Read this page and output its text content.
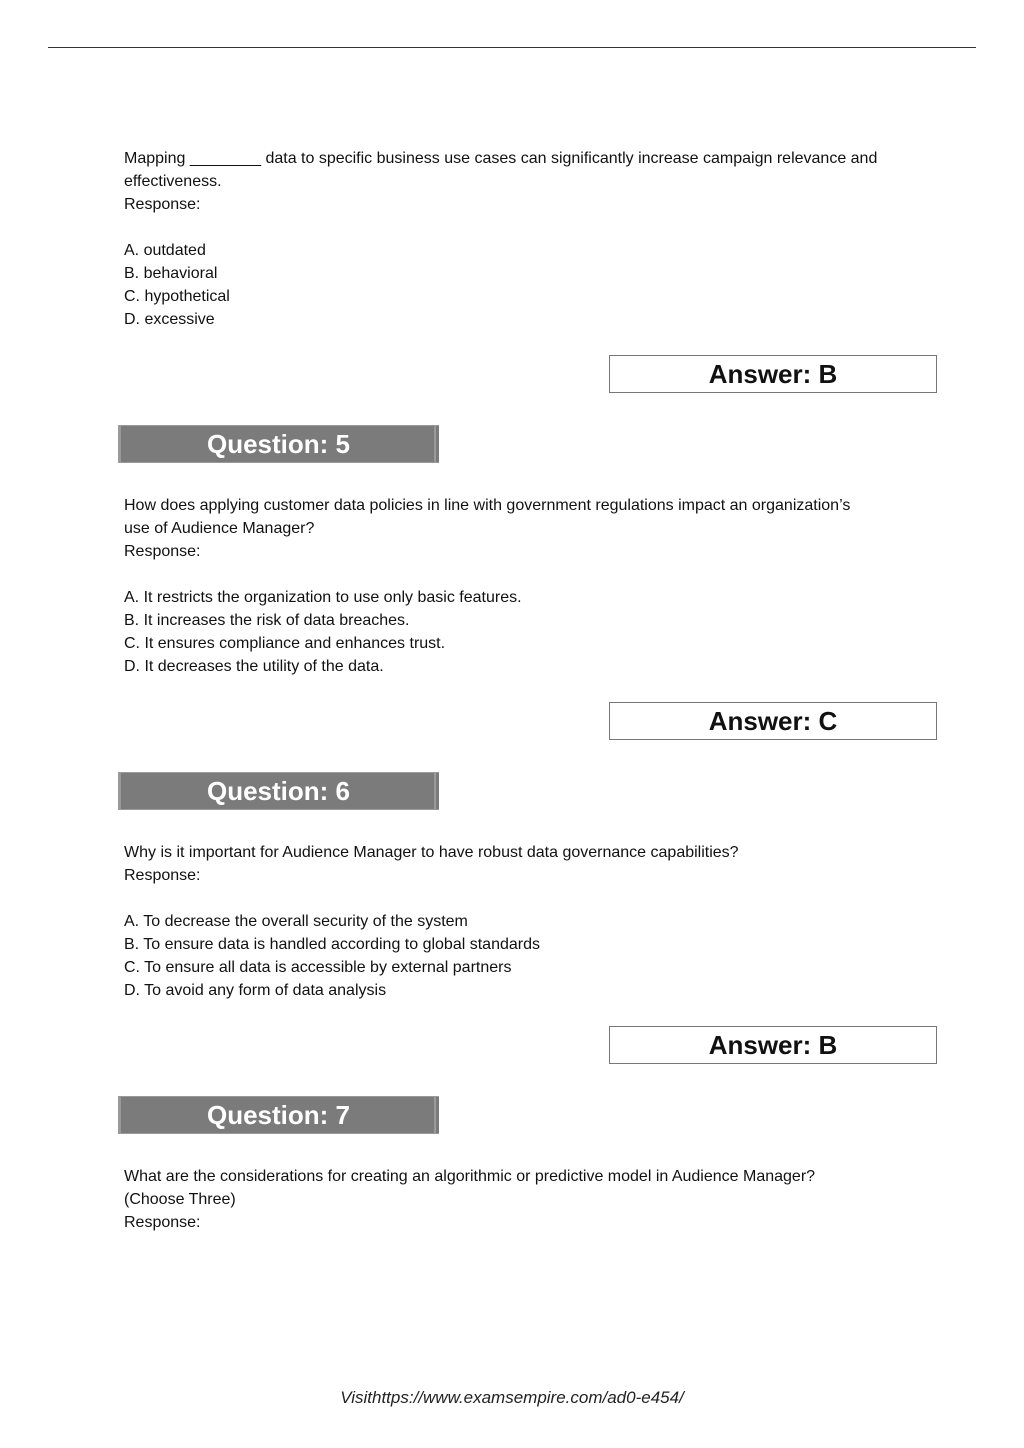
Mapping ________ data to specific business use cases can significantly increase campaign relevance and

effectiveness.

Response:

A. outdated

B. behavioral

C. hypothetical

D. excessive

Answer: B
Question: 5

How does applying customer data policies in line with government regulations impact an organization’s

use of Audience Manager?

Response:

A. It restricts the organization to use only basic features.

B. It increases the risk of data breaches.

C. It ensures compliance and enhances trust.

D. It decreases the utility of the data.

Answer: C
Question: 6

Why is it important for Audience Manager to have robust data governance capabilities?

Response:

A. To decrease the overall security of the system

B. To ensure data is handled according to global standards

C. To ensure all data is accessible by external partners

D. To avoid any form of data analysis

Answer: B
Question: 7

What are the considerations for creating an algorithmic or predictive model in Audience Manager?

(Choose Three)

Response:

Visithttps://www.examsempire.com/ad0-e454/
